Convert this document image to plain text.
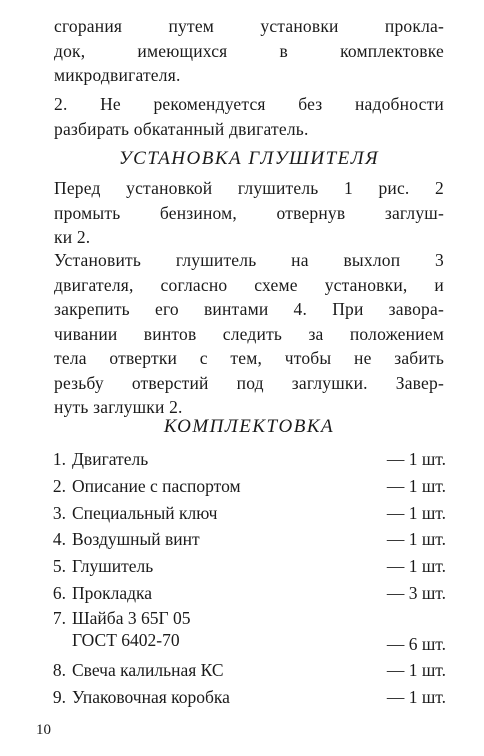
сгорания путем установки прокла-
док, имеющихся в комплектовке
микродвигателя.
2. Не рекомендуется без надобности
разбирать обкатанный двигатель.
УСТАНОВКА ГЛУШИТЕЛЯ
Перед установкой глушитель 1 рис. 2
промыть бензином, отвернув заглуш-
ки 2.
Установить глушитель на выхлоп 3
двигателя, согласно схеме установки, и
закрепить его винтами 4. При завора-
чивании винтов следить за положением
тела отвертки с тем, чтобы не забить
резьбу отверстий под заглушки. Завер-
нуть заглушки 2.
КОМПЛЕКТОВКА
1. Двигатель	— 1 шт.
2. Описание с паспортом	— 1 шт.
3. Специальный ключ	— 1 шт.
4. Воздушный винт	— 1 шт.
5. Глушитель	— 1 шт.
6. Прокладка	— 3 шт.
7. Шайба 3 65Г 05
ГОСТ 6402-70	— 6 шт.
8. Свеча калильная КС	— 1 шт.
9. Упаковочная коробка	— 1 шт.
10
